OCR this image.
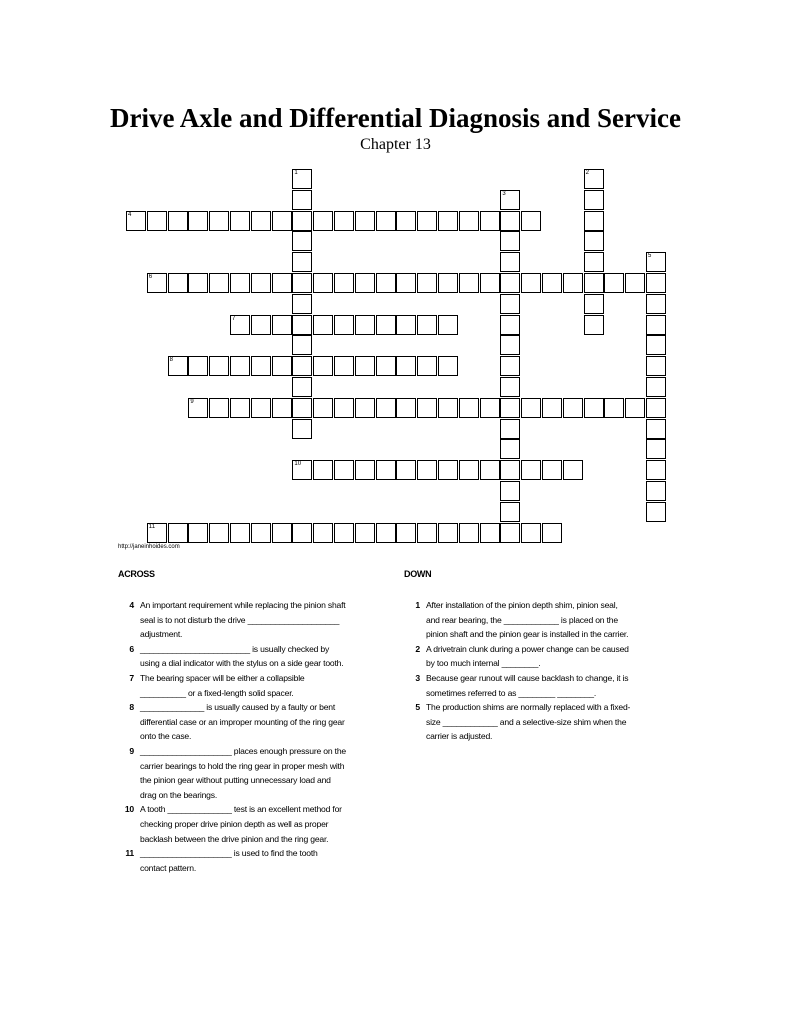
Drive Axle and Differential Diagnosis and Service
Chapter 13
1	2
3
4
5
6
7
8
9
10
11
http://janeinhoides.com
ACROSS	DOWN
4 An important requirement while replacing the pinion shaft seal is to not disturb the drive ____________________ adjustment.
6 ________________________ is usually checked by using a dial indicator with the stylus on a side gear tooth.
7 The bearing spacer will be either a collapsible __________ or a fixed-length solid spacer.
8 ______________ is usually caused by a faulty or bent differential case or an improper mounting of the ring gear onto the case.
9 ____________________ places enough pressure on the carrier bearings to hold the ring gear in proper mesh with the pinion gear without putting unnecessary load and drag on the bearings.
10 A tooth ______________ test is an excellent method for checking proper drive pinion depth as well as proper backlash between the drive pinion and the ring gear.
11 ____________________ is used to find the tooth contact pattern.
1 After installation of the pinion depth shim, pinion seal, and rear bearing, the ____________ is placed on the pinion shaft and the pinion gear is installed in the carrier.
2 A drivetrain clunk during a power change can be caused by too much internal ________.
3 Because gear runout will cause backlash to change, it is sometimes referred to as ________ ________.
5 The production shims are normally replaced with a fixed-size ____________ and a selective-size shim when the carrier is adjusted.
